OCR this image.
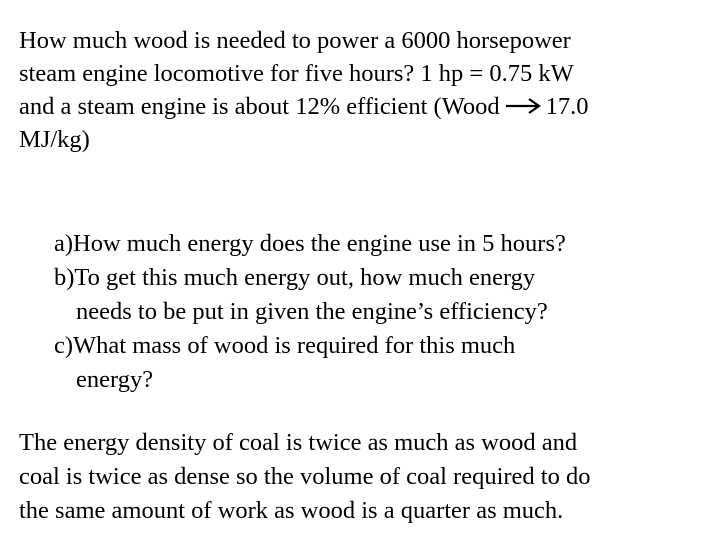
How much wood is needed to power a 6000 horsepower
steam engine locomotive for five hours? 1 hp = 0.75 kW
and a steam engine is about 12% efficient (Wood 17.0
MJ/kg)

a)How much energy does the engine use in 5 hours?
b)To get this much energy out, how much energy
needs to be put in given the engine’s efficiency?
c)What mass of wood is required for this much
energy?

The energy density of coal is twice as much as wood and
coal is twice as dense so the volume of coal required to do
the same amount of work as wood is a quarter as much.
